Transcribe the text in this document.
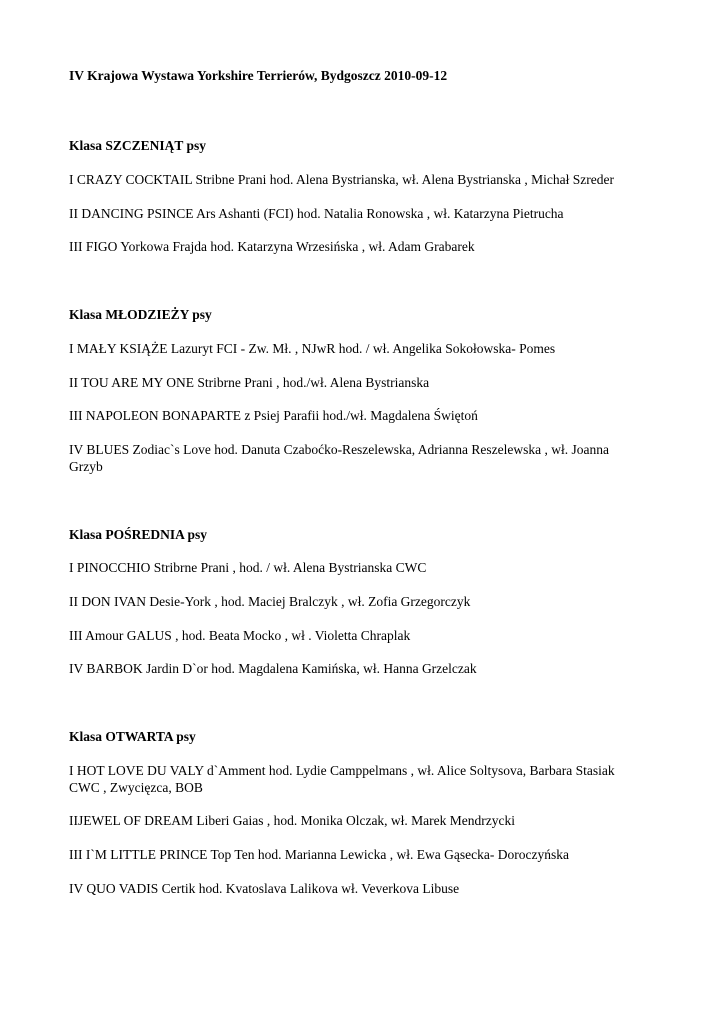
IV Krajowa Wystawa Yorkshire Terrierów, Bydgoszcz 2010-09-12
Klasa SZCZENIĄT psy
I CRAZY COCKTAIL Stribne Prani hod. Alena Bystrianska, wł. Alena Bystrianska , Michał Szreder
II DANCING PSINCE Ars Ashanti (FCI) hod. Natalia Ronowska , wł. Katarzyna Pietrucha
III FIGO Yorkowa Frajda hod. Katarzyna Wrzesińska , wł. Adam Grabarek
Klasa MŁODZIEŻY psy
I MAŁY KSIĄŻE Lazuryt FCI - Zw. Mł. , NJwR hod. / wł. Angelika Sokołowska- Pomes
II TOU ARE MY ONE Stribrne Prani , hod./wł. Alena Bystrianska
III NAPOLEON BONAPARTE z Psiej Parafii hod./wł. Magdalena Świętoń
IV BLUES Zodiac`s Love hod. Danuta Czaboćko-Reszelewska, Adrianna Reszelewska , wł. Joanna
Grzyb
Klasa POŚREDNIA psy
I PINOCCHIO Stribrne Prani , hod. / wł. Alena Bystrianska CWC
II DON IVAN Desie-York , hod. Maciej Bralczyk , wł. Zofia Grzegorczyk
III Amour GALUS , hod. Beata Mocko , wł . Violetta Chraplak
IV BARBOK Jardin D`or hod. Magdalena Kamińska, wł. Hanna Grzelczak
Klasa OTWARTA psy
I HOT LOVE DU VALY d`Amment hod. Lydie Camppelmans , wł. Alice Soltysova, Barbara Stasiak
CWC , Zwycięzca, BOB
IIJEWEL OF DREAM Liberi Gaias , hod. Monika Olczak, wł. Marek Mendrzycki
III I`M LITTLE PRINCE Top Ten hod. Marianna Lewicka , wł. Ewa Gąsecka- Doroczyńska
IV QUO VADIS Certik hod. Kvatoslava Lalikova wł. Veverkova Libuse
